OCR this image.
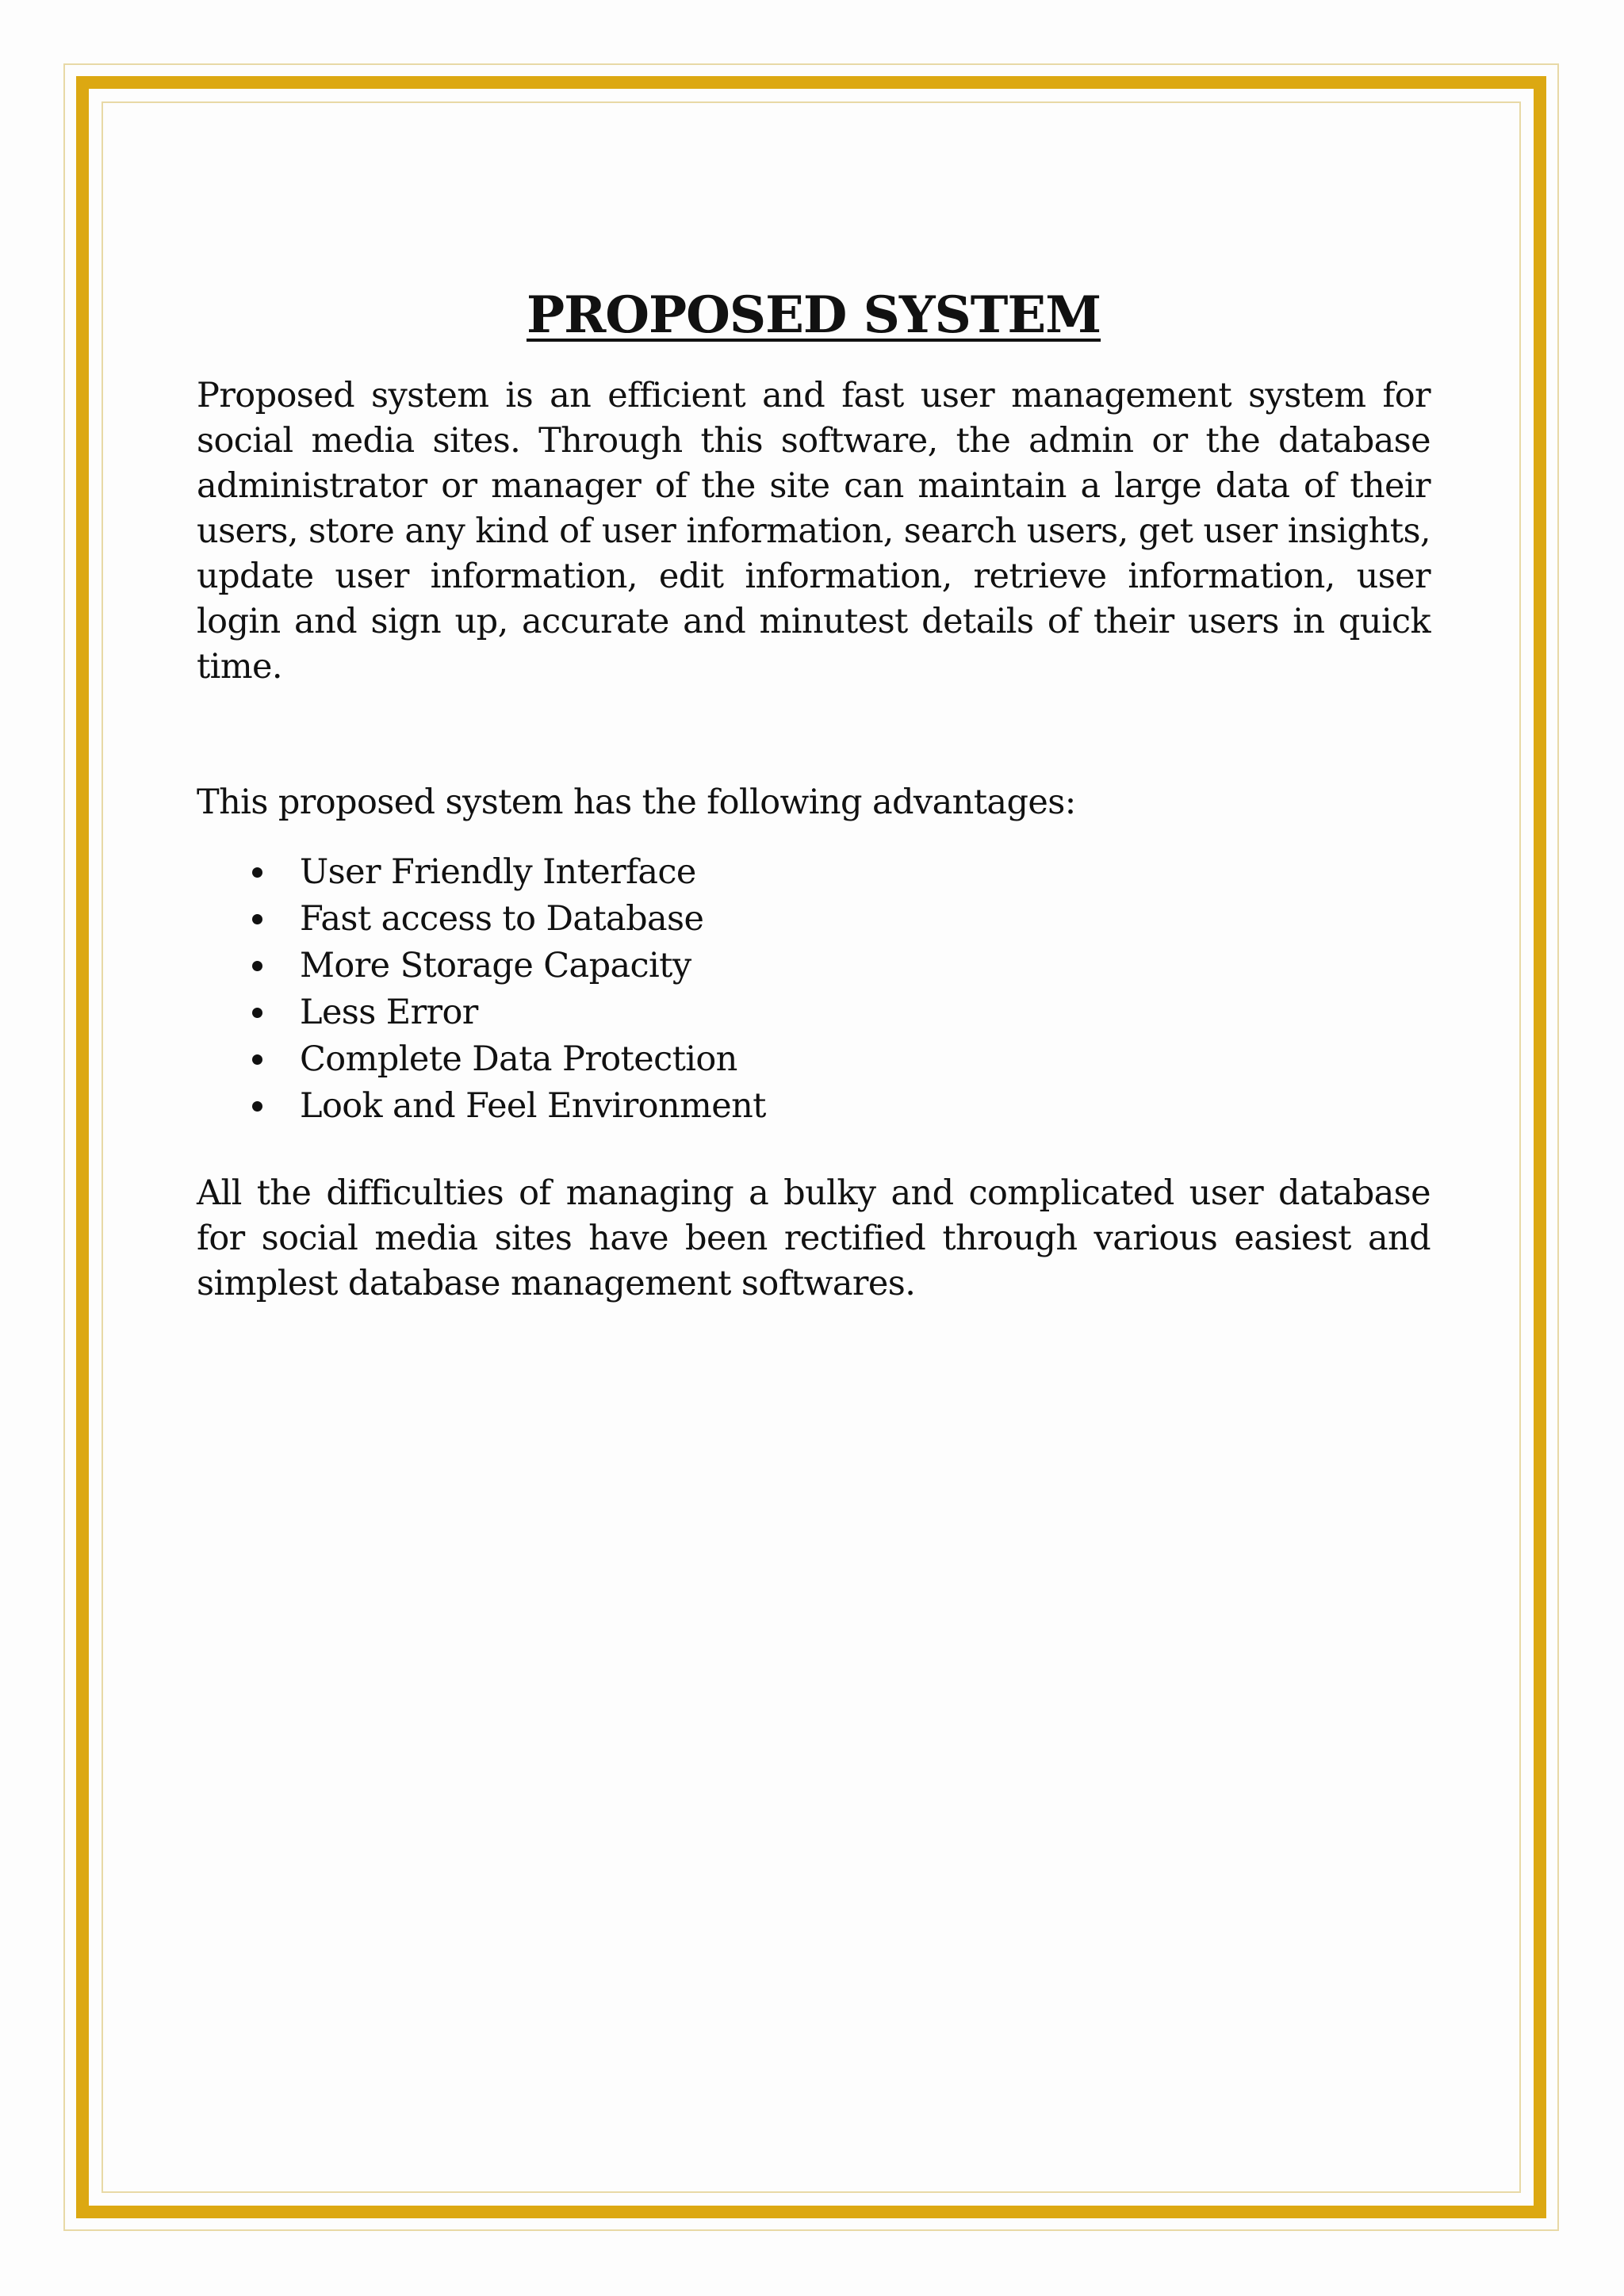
PROPOSED SYSTEM

Proposed system is an efficient and fast user management system for social media sites. Through this software, the admin or the database administrator or manager of the site can maintain a large data of their users, store any kind of user information, search users, get user insights, update user information, edit information, retrieve information, user login and sign up, accurate and minutest details of their users in quick time.

This proposed system has the following advantages:

User Friendly Interface
Fast access to Database
More Storage Capacity
Less Error
Complete Data Protection
Look and Feel Environment

All the difficulties of managing a bulky and complicated user database for social media sites have been rectified through various easiest and simplest database management softwares.
